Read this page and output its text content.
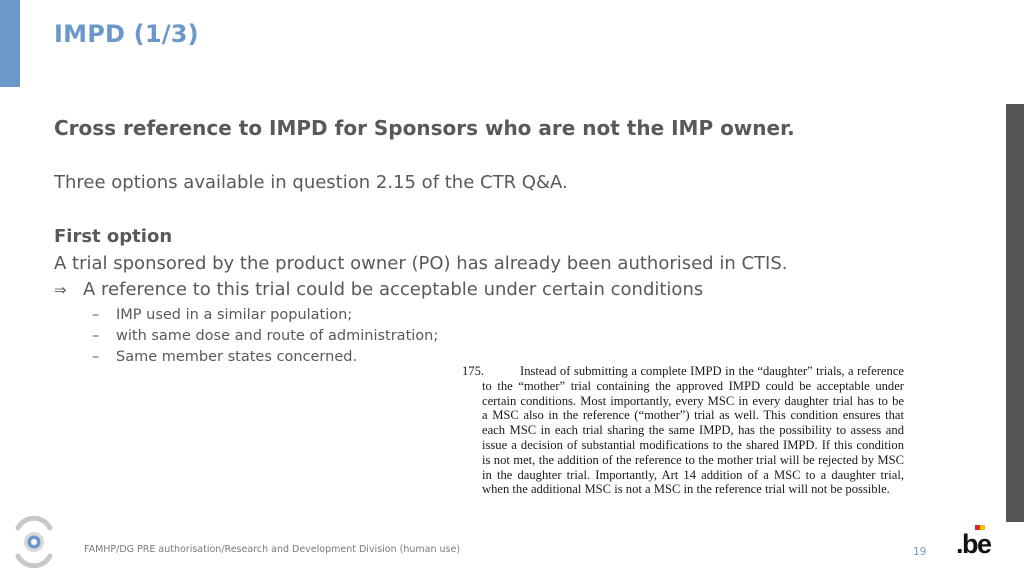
IMPD (1/3)
Cross reference to IMPD for Sponsors who are not the IMP owner.
Three options available in question 2.15 of the CTR Q&A.
First option
A trial sponsored by the product owner (PO) has already been authorised in CTIS.
⇒ A reference to this trial could be acceptable under certain conditions
–	IMP used in a similar population;
–	with same dose and route of administration;
–	Same member states concerned.
175.	Instead of submitting a complete IMPD in the “daughter” trials, a reference
to the “mother” trial containing the approved IMPD could be acceptable under
certain conditions. Most importantly, every MSC in every daughter trial has to be
a MSC also in the reference (“mother”) trial as well. This condition ensures that
each MSC in each trial sharing the same IMPD, has the possibility to assess and
issue a decision of substantial modifications to the shared IMPD. If this condition
is not met, the addition of the reference to the mother trial will be rejected by MSC
in the daughter trial. Importantly, Art 14 addition of a MSC to a daughter trial,
when the additional MSC is not a MSC in the reference trial will not be possible.
FAMHP/DG PRE authorisation/Research and Development Division (human use)	19 .be
